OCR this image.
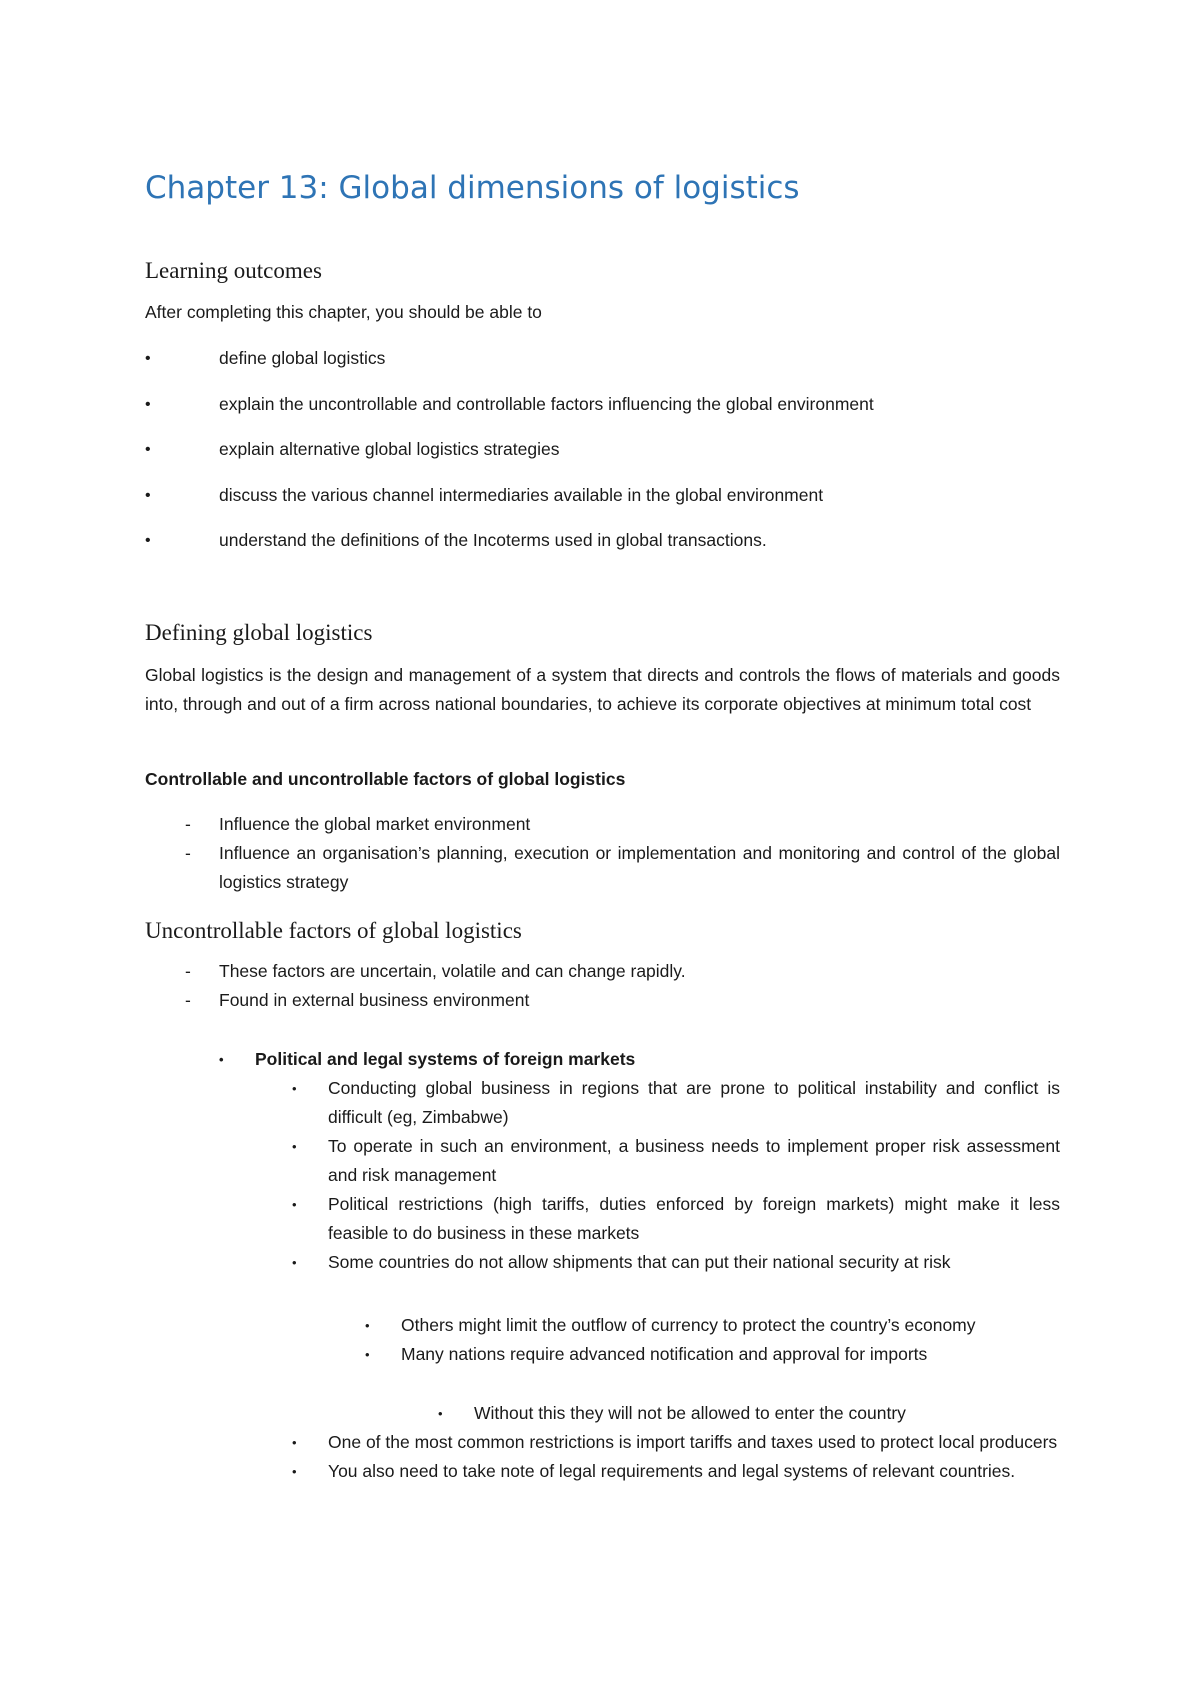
Chapter 13: Global dimensions of logistics
Learning outcomes

After completing this chapter, you should be able to

•	define global logistics
•	explain the uncontrollable and controllable factors influencing the global environment
•	explain alternative global logistics strategies
•	discuss the various channel intermediaries available in the global environment
•	understand the definitions of the Incoterms used in global transactions.
Defining global logistics

Global logistics is the design and management of a system that directs and controls the flows of materials and goods into, through and out of a firm across national boundaries, to achieve its corporate objectives at minimum total cost

Controllable and uncontrollable factors of global logistics

- Influence the global market environment
- Influence an organisation’s planning, execution or implementation and monitoring and control of the global logistics strategy
Uncontrollable factors of global logistics
- These factors are uncertain, volatile and can change rapidly.
- Found in external business environment
• Political and legal systems of foreign markets
• Conducting global business in regions that are prone to political instability and conflict is difficult (eg, Zimbabwe)
• To operate in such an environment, a business needs to implement proper risk assessment and risk management
• Political restrictions (high tariffs, duties enforced by foreign markets) might make it less feasible to do business in these markets
• Some countries do not allow shipments that can put their national security at risk
• Others might limit the outflow of currency to protect the country’s economy
• Many nations require advanced notification and approval for imports
• Without this they will not be allowed to enter the country
• One of the most common restrictions is import tariffs and taxes used to protect local producers
• You also need to take note of legal requirements and legal systems of relevant countries.
